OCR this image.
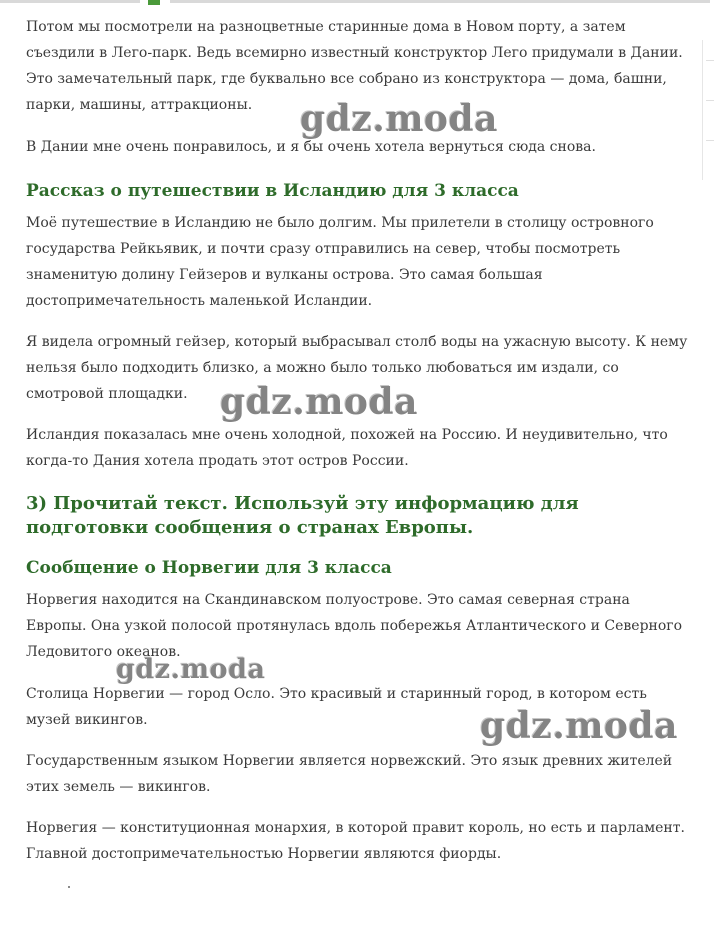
Потом мы посмотрели на разноцветные старинные дома в Новом порту, а затем съездили в Лего-парк. Ведь всемирно известный конструктор Лего придумали в Дании. Это замечательный парк, где буквально все собрано из конструктора — дома, башни, парки, машины, аттракционы.

В Дании мне очень понравилось, и я бы очень хотела вернуться сюда снова.

Рассказ о путешествии в Исландию для 3 класса

Моё путешествие в Исландию не было долгим. Мы прилетели в столицу островного государства Рейкьявик, и почти сразу отправились на север, чтобы посмотреть знаменитую долину Гейзеров и вулканы острова. Это самая большая достопримечательность маленькой Исландии.

Я видела огромный гейзер, который выбрасывал столб воды на ужасную высоту. К нему нельзя было подходить близко, а можно было только любоваться им издали, со смотровой площадки.

Исландия показалась мне очень холодной, похожей на Россию. И неудивительно, что когда-то Дания хотела продать этот остров России.

3) Прочитай текст. Используй эту информацию для подготовки сообщения о странах Европы.
Сообщение о Норвегии для 3 класса

Норвегия находится на Скандинавском полуострове. Это самая северная страна Европы. Она узкой полосой протянулась вдоль побережья Атлантического и Северного Ледовитого океанов.

Столица Норвегии — город Осло. Это красивый и старинный город, в котором есть музей викингов.

Государственным языком Норвегии является норвежский. Это язык древних жителей этих земель — викингов.

Норвегия — конституционная монархия, в которой правит король, но есть и парламент. Главной достопримечательностью Норвегии являются фиорды.

gdz.moda
gdz.moda
gdz.moda
gdz.moda
